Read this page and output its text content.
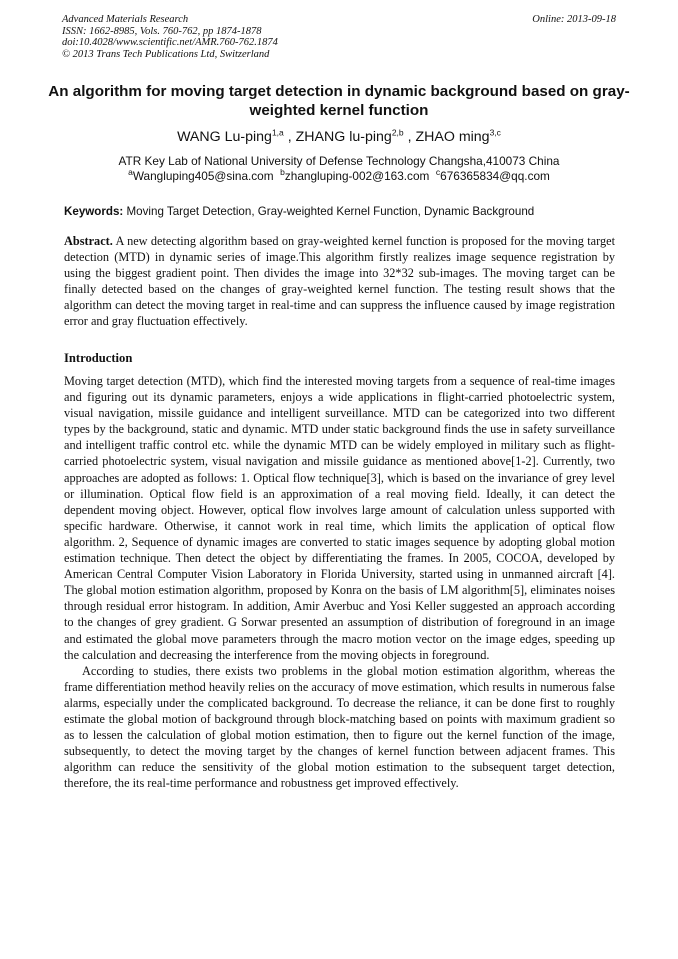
Advanced Materials Research
ISSN: 1662-8985, Vols. 760-762, pp 1874-1878
doi:10.4028/www.scientific.net/AMR.760-762.1874
© 2013 Trans Tech Publications Ltd, Switzerland
Online: 2013-09-18
An algorithm for moving target detection in dynamic background based on gray-weighted kernel function
WANG Lu-ping$^{1,a}$ , ZHANG lu-ping$^{2,b}$ , ZHAO ming$^{3,c}$
ATR Key Lab of National University of Defense Technology Changsha,410073 China
$^a$Wangluping405@sina.com $^b$zhangluping-002@163.com $^c$676365834@qq.com
Keywords: Moving Target Detection, Gray-weighted Kernel Function, Dynamic Background
Abstract. A new detecting algorithm based on gray-weighted kernel function is proposed for the moving target detection (MTD) in dynamic series of image.This algorithm firstly realizes image sequence registration by using the biggest gradient point. Then divides the image into 32*32 sub-images. The moving target can be finally detected based on the changes of gray-weighted kernel function. The testing result shows that the algorithm can detect the moving target in real-time and can suppress the influence caused by image registration error and gray fluctuation effectively.
Introduction

Moving target detection (MTD), which find the interested moving targets from a sequence of real-time images and figuring out its dynamic parameters, enjoys a wide applications in flight-carried photoelectric system, visual navigation, missile guidance and intelligent surveillance. MTD can be categorized into two different types by the background, static and dynamic. MTD under static background finds the use in safety surveillance and intelligent traffic control etc. while the dynamic MTD can be widely employed in military such as flight-carried photoelectric system, visual navigation and missile guidance as mentioned above[1-2]. Currently, two approaches are adopted as follows: 1. Optical flow technique[3], which is based on the invariance of grey level or illumination. Optical flow field is an approximation of a real moving field. Ideally, it can detect the dependent moving object. However, optical flow involves large amount of calculation unless supported with specific hardware. Otherwise, it cannot work in real time, which limits the application of optical flow algorithm. 2, Sequence of dynamic images are converted to static images sequence by adopting global motion estimation technique. Then detect the object by differentiating the frames. In 2005, COCOA, developed by American Central Computer Vision Laboratory in Florida University, started using in unmanned aircraft [4]. The global motion estimation algorithm, proposed by Konra on the basis of LM algorithm[5], eliminates noises through residual error histogram. In addition, Amir Averbuc and Yosi Keller suggested an approach according to the changes of grey gradient. G Sorwar presented an assumption of distribution of foreground in an image and estimated the global move parameters through the macro motion vector on the image edges, speeding up the calculation and decreasing the interference from the moving objects in foreground.

According to studies, there exists two problems in the global motion estimation algorithm, whereas the frame differentiation method heavily relies on the accuracy of move estimation, which results in numerous false alarms, especially under the complicated background. To decrease the reliance, it can be done first to roughly estimate the global motion of background through block-matching based on points with maximum gradient so as to lessen the calculation of global motion estimation, then to figure out the kernel function of the image, subsequently, to detect the moving target by the changes of kernel function between adjacent frames. This algorithm can reduce the sensitivity of the global motion estimation to the subsequent target detection, therefore, the its real-time performance and robustness get improved effectively.
